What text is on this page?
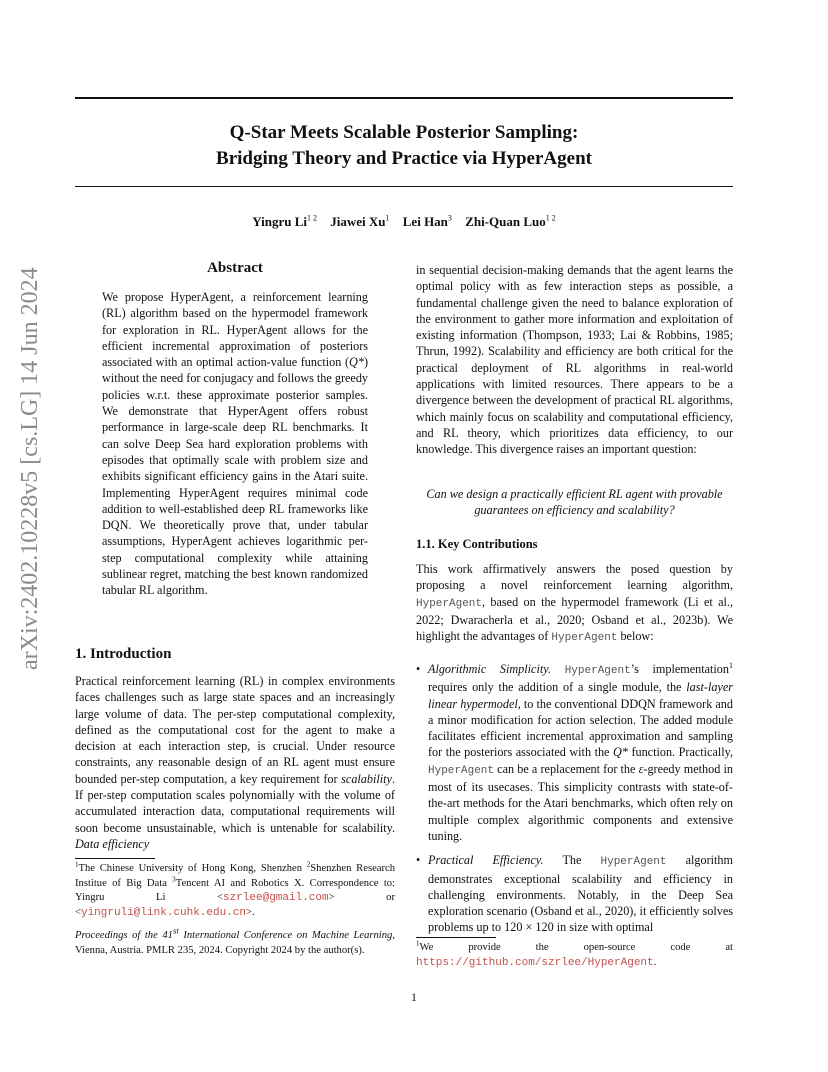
arXiv:2402.10228v5 [cs.LG] 14 Jun 2024
Q-Star Meets Scalable Posterior Sampling:
Bridging Theory and Practice via HyperAgent
Yingru $Li^{1 2}$ Jiawei Xu$^1$ Lei Han$^3$ Zhi-Quan Luo$^{1 2}$
Abstract
We propose HyperAgent, a reinforcement learning (RL) algorithm based on the hypermodel framework for exploration in RL. HyperAgent allows for the efficient incremental approximation of posteriors associated with an optimal action-value function (Q*) without the need for conjugacy and follows the greedy policies w.r.t. these approximate posterior samples. We demonstrate that HyperAgent offers robust performance in large-scale deep RL benchmarks. It can solve Deep Sea hard exploration problems with episodes that optimally scale with problem size and exhibits significant efficiency gains in the Atari suite. Implementing HyperAgent requires minimal code addition to well-established deep RL frameworks like DQN. We theoretically prove that, under tabular assumptions, HyperAgent achieves logarithmic per-step computational complexity while attaining sublinear regret, matching the best known randomized tabular RL algorithm.
1. Introduction
Practical reinforcement learning (RL) in complex environments faces challenges such as large state spaces and an increasingly large volume of data. The per-step computational complexity, defined as the computational cost for the agent to make a decision at each interaction step, is crucial. Under resource constraints, any reasonable design of an RL agent must ensure bounded per-step computation, a key requirement for scalability. If per-step computation scales polynomially with the volume of accumulated interaction data, computational requirements will soon become unsustainable, which is untenable for scalability. Data efficiency
$^1$The Chinese University of Hong Kong, Shenzhen $^2$Shenzhen Research Institue of Big Data $^3$Tencent AI and Robotics X. Correspondence to: Yingru Li <szrlee@gmail.com> or <yingruli@link.cuhk.edu.cn>.
Proceedings of the 41st International Conference on Machine Learning, Vienna, Austria. PMLR 235, 2024. Copyright 2024 by the author(s).
in sequential decision-making demands that the agent learns the optimal policy with as few interaction steps as possible, a fundamental challenge given the need to balance exploration of the environment to gather more information and exploitation of existing information (Thompson, 1933; Lai & Robbins, 1985; Thrun, 1992). Scalability and efficiency are both critical for the practical deployment of RL algorithms in real-world applications with limited resources. There appears to be a divergence between the development of practical RL algorithms, which mainly focus on scalability and computational efficiency, and RL theory, which prioritizes data efficiency, to our knowledge. This divergence raises an important question:
Can we design a practically efficient RL agent with provable guarantees on efficiency and scalability?
1.1. Key Contributions
This work affirmatively answers the posed question by proposing a novel reinforcement learning algorithm, HyperAgent, based on the hypermodel framework (Li et al., 2022; Dwaracherla et al., 2020; Osband et al., 2023b). We highlight the advantages of HyperAgent below:
• Algorithmic Simplicity. HyperAgent’s implementation$^1$ requires only the addition of a single module, the last-layer linear hypermodel, to the conventional DDQN framework and a minor modification for action selection. The added module facilitates efficient incremental approximation and sampling for the posteriors associated with the Q* function. Practically, HyperAgent can be a replacement for the ε-greedy method in most of its usecases. This simplicity contrasts with state-of-the-art methods for the Atari benchmarks, which often rely on multiple complex algorithmic components and extensive tuning.
• Practical Efficiency. The HyperAgent algorithm demonstrates exceptional scalability and efficiency in challenging environments. Notably, in the Deep Sea exploration scenario (Osband et al., 2020), it efficiently solves problems up to 120 × 120 in size with optimal
$^1$We provide the open-source code at https://github.com/szrlee/HyperAgent.
1
